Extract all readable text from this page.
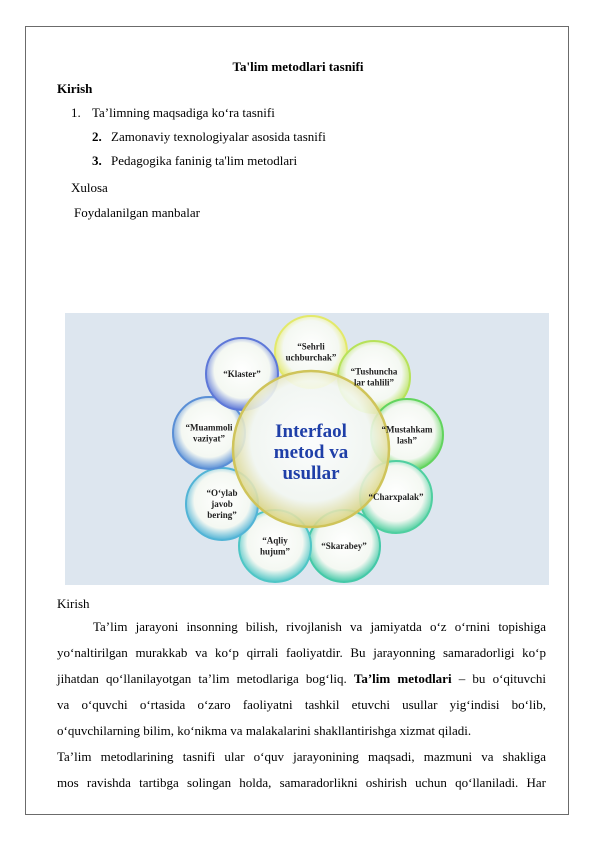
Ta'lim metodlari tasnifi
Kirish
1. Ta’limning maqsadiga ko‘ra tasnifi
2. Zamonaviy texnologiyalar asosida tasnifi
3. Pedagogika faninig ta'lim metodlari
Xulosa
Foydalanilgan manbalar
“Sehrli uchburchak”
“Tushuncha lar tahlili”
“Mustahkam lash”
“Charxpalak”
“Skarabey”
“Aqliy hujum”
“O‘ylab javob bering”
“Muammoli vaziyat”
“Klaster”
Interfaol metod va usullar
Kirish
Ta’lim jarayoni insonning bilish, rivojlanish va jamiyatda o‘z o‘rnini topishiga
yo‘naltirilgan murakkab va ko‘p qirrali faoliyatdir. Bu jarayonning samaradorligi ko‘p
jihatdan qo‘llanilayotgan ta’lim metodlariga bog‘liq. Ta’lim metodlari – bu o‘qituvchi
va o‘quvchi o‘rtasida o‘zaro faoliyatni tashkil etuvchi usullar yig‘indisi bo‘lib,
o‘quvchilarning bilim, ko‘nikma va malakalarini shakllantirishga xizmat qiladi.
Ta’lim metodlarining tasnifi ular o‘quv jarayonining maqsadi, mazmuni va shakliga
mos ravishda tartibga solingan holda, samaradorlikni oshirish uchun qo‘llaniladi. Har
